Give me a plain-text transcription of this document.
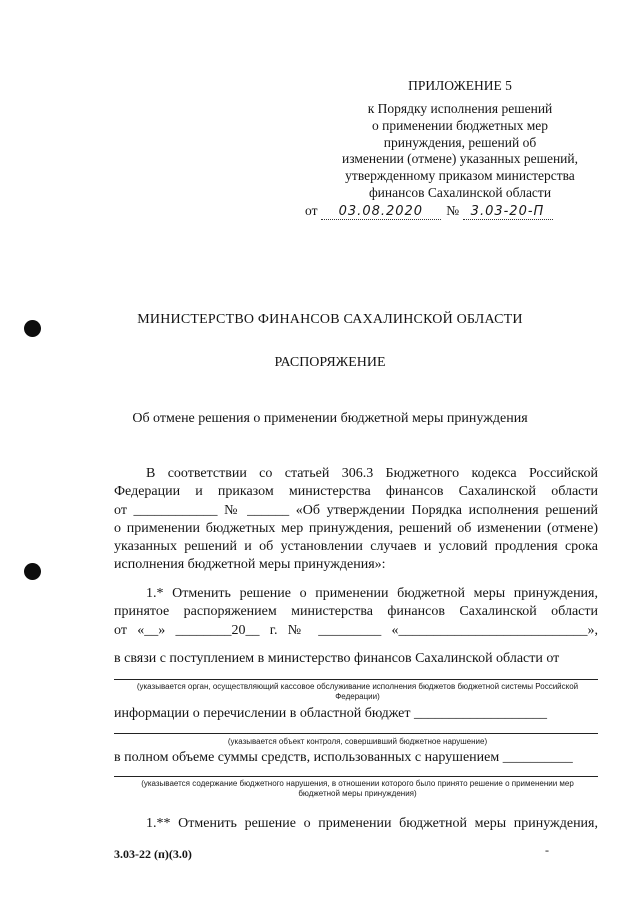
ПРИЛОЖЕНИЕ 5
к Порядку исполнения решений
о применении бюджетных мер
принуждения, решений об
изменении (отмене) указанных решений,
утвержденному приказом министерства
финансов Сахалинской области
от 03.08.2020 № 3.03-20-П
МИНИСТЕРСТВО ФИНАНСОВ САХАЛИНСКОЙ ОБЛАСТИ
РАСПОРЯЖЕНИЕ
Об отмене решения о применении бюджетной меры принуждения
В соответствии со статьей 306.3 Бюджетного кодекса Российской
Федерации и приказом министерства финансов Сахалинской области
от ____________ № ______ «Об утверждении Порядка исполнения решений
о применении бюджетных мер принуждения, решений об изменении (отмене)
указанных решений и об установлении случаев и условий продления срока
исполнения бюджетной меры принуждения»:
1.* Отменить решение о применении бюджетной меры принуждения,
принятое распоряжением министерства финансов Сахалинской области
от «__» ________20__ г. № _________ «___________________________»,
в связи с поступлением в министерство финансов Сахалинской области от
(указывается орган, осуществляющий кассовое обслуживание исполнения бюджетов бюджетной системы Российской Федерации)
информации о перечислении в областной бюджет ___________________
(указывается объект контроля, совершивший бюджетное нарушение)
в полном объеме суммы средств, использованных с нарушением __________
(указывается содержание бюджетного нарушения, в отношении которого было принято решение о применении мер бюджетной меры принуждения)
1.** Отменить решение о применении бюджетной меры принуждения,
3.03-22 (п)(3.0)	-
